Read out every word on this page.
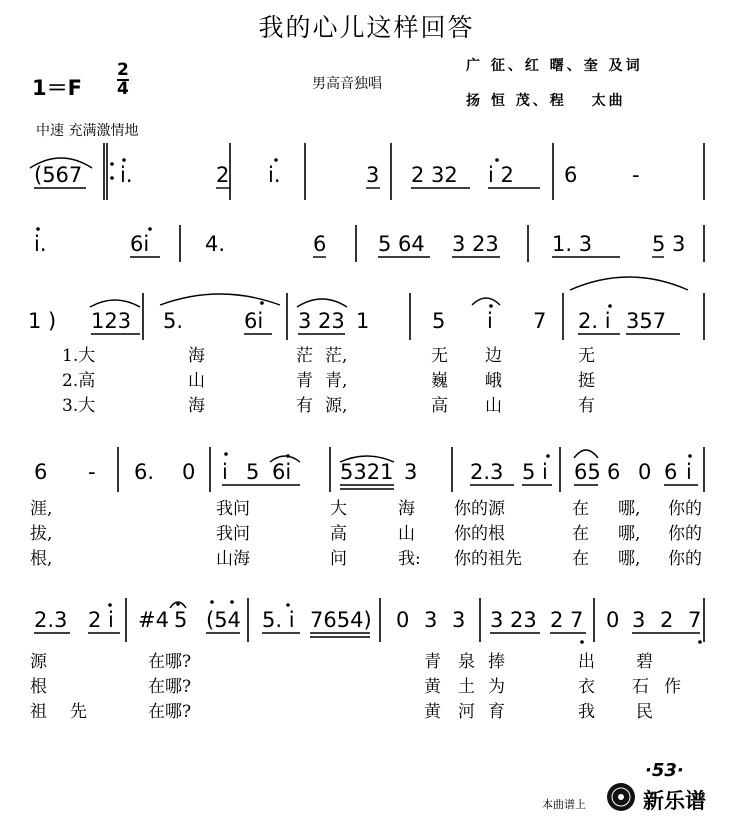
我的心儿这样回答
1＝F
2
4	男高音独唱
广 征、红 曙、奎 及词
扬 恒 茂、程　 太曲
中速 充满激情地
(567 i.	2 i.	3 2 32 i 2 6	-
i.	6i	4.	6 5 64 3 23	1. 3	5 3
1 ) 123 5.	6i 3 23 1	5 i 7 2. i 357
1.大	海	茫 茫,	无 边	无
2.高	山	青 青,	巍 峨	挺
3.大	海	有 源,	高 山	有
6 - 6. 0 i 5 6i 5321 3	2.3 5 i 65 6 0 6 i
涯,	我问	大	海 你的源	在 哪, 你的
拔,	我问	高	山 你的根	在 哪, 你的
根,	山海	问	我: 你的祖先	在 哪, 你的
2.3 2 i #4 5 (54 5. i 7654) 0 3 3 3 23 2 7 0 3 2 7
源	在哪?	青 泉 捧	出 碧
根	在哪?	黄 土 为	衣 石 作
祖 先	在哪?	黄 河 育	我 民
·53·
本曲谱上	新乐谱
